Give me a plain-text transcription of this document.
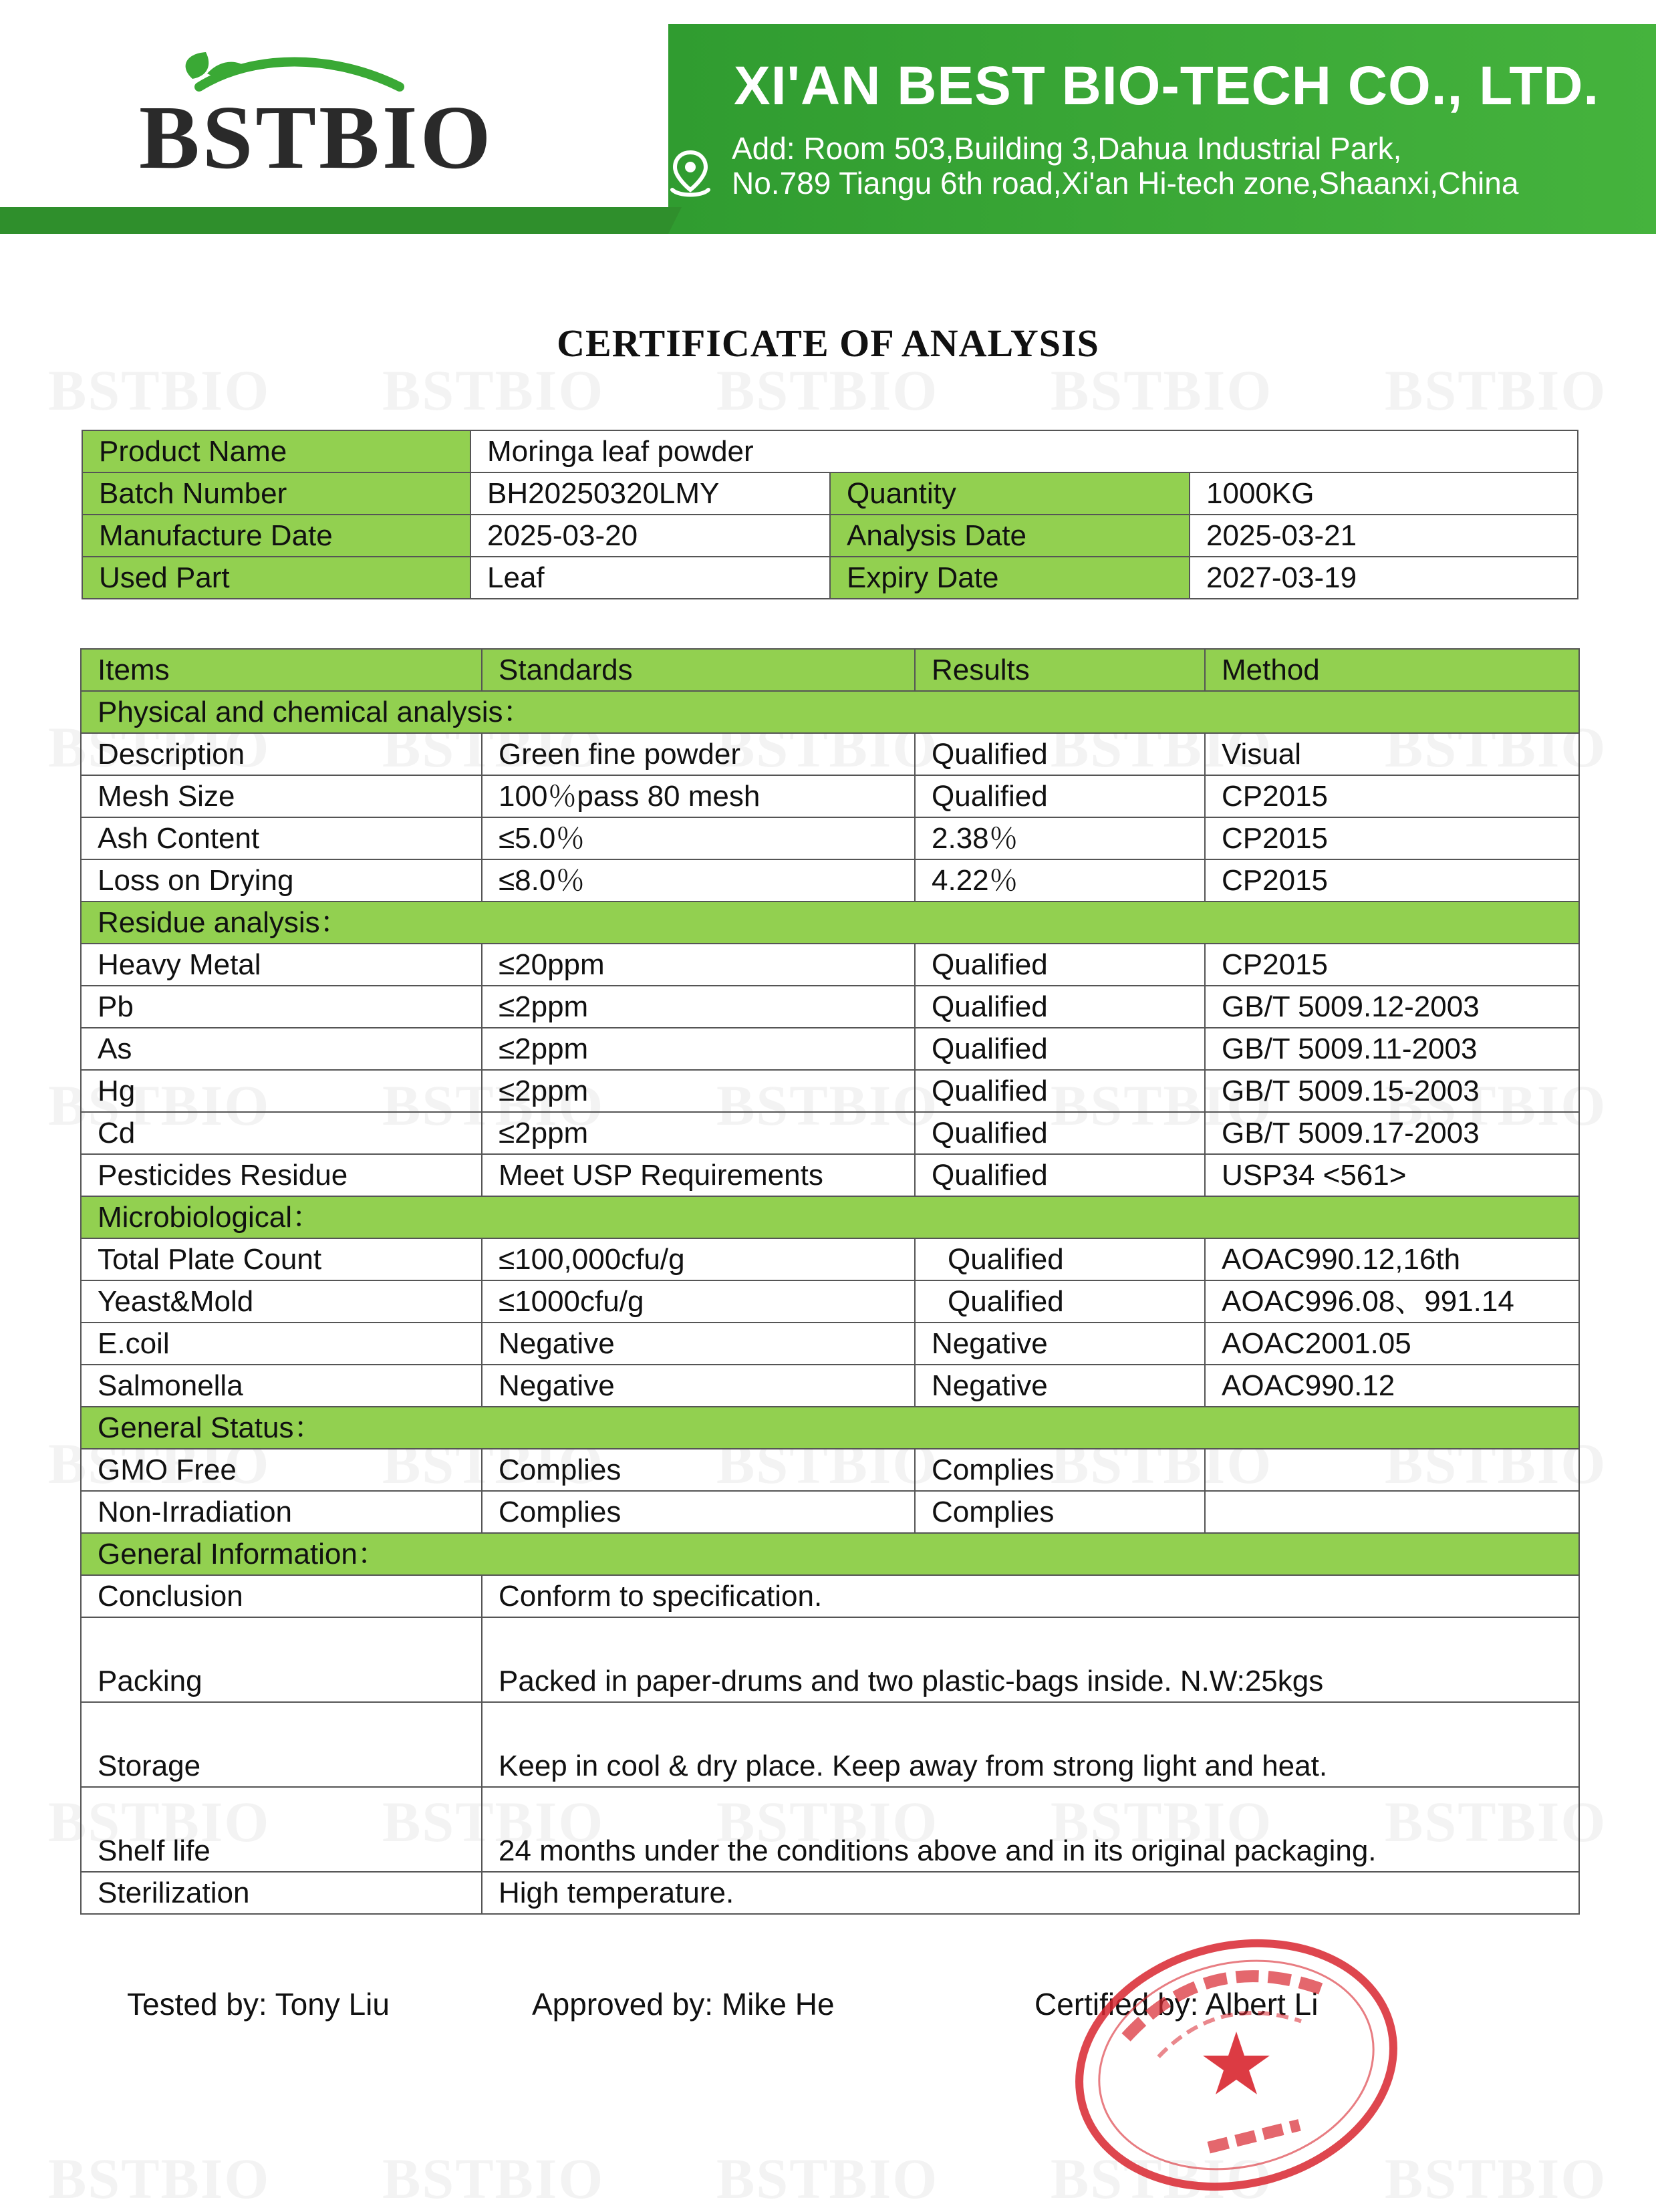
BSTBIO
XI'AN BEST BIO-TECH CO., LTD.
Add: Room 503,Building 3,Dahua Industrial Park,
No.789 Tiangu 6th road,Xi'an Hi-tech zone,Shaanxi,China
CERTIFICATE OF ANALYSIS
Product Name	Moringa leaf powder		
Batch Number	BH20250320LMY	Quantity	1000KG
Manufacture Date	2025-03-20	Analysis Date	2025-03-21
Used Part	Leaf	Expiry Date	2027-03-19
Items	Standards	Results	Method
Physical and chemical analysis：			
Description	Green fine powder	Qualified	Visual
Mesh Size	100％pass 80 mesh	Qualified	CP2015
Ash Content	≤5.0％	2.38％	CP2015
Loss on Drying	≤8.0％	4.22％	CP2015
Residue analysis：			
Heavy Metal	≤20ppm	Qualified	CP2015
Pb	≤2ppm	Qualified	GB/T 5009.12-2003
As	≤2ppm	Qualified	GB/T 5009.11-2003
Hg	≤2ppm	Qualified	GB/T 5009.15-2003
Cd	≤2ppm	Qualified	GB/T 5009.17-2003
Pesticides Residue	Meet USP Requirements	Qualified	USP34 <561>
Microbiological：			
Total Plate Count	≤100,000cfu/g	Qualified	AOAC990.12,16th
Yeast&Mold	≤1000cfu/g	Qualified	AOAC996.08、991.14
E.coil	Negative	Negative	AOAC2001.05
Salmonella	Negative	Negative	AOAC990.12
General Status：			
GMO Free	Complies	Complies	
Non-Irradiation	Complies	Complies	
General Information：			
Conclusion	Conform to specification.		
Packing	Packed in paper-drums and two plastic-bags inside. N.W:25kgs		
Storage	Keep in cool & dry place. Keep away from strong light and heat.		
Shelf life	24 months under the conditions above and in its original packaging.		
Sterilization	High temperature.		
Tested by: Tony Liu	Approved by: Mike He	Certified by: Albert Li
